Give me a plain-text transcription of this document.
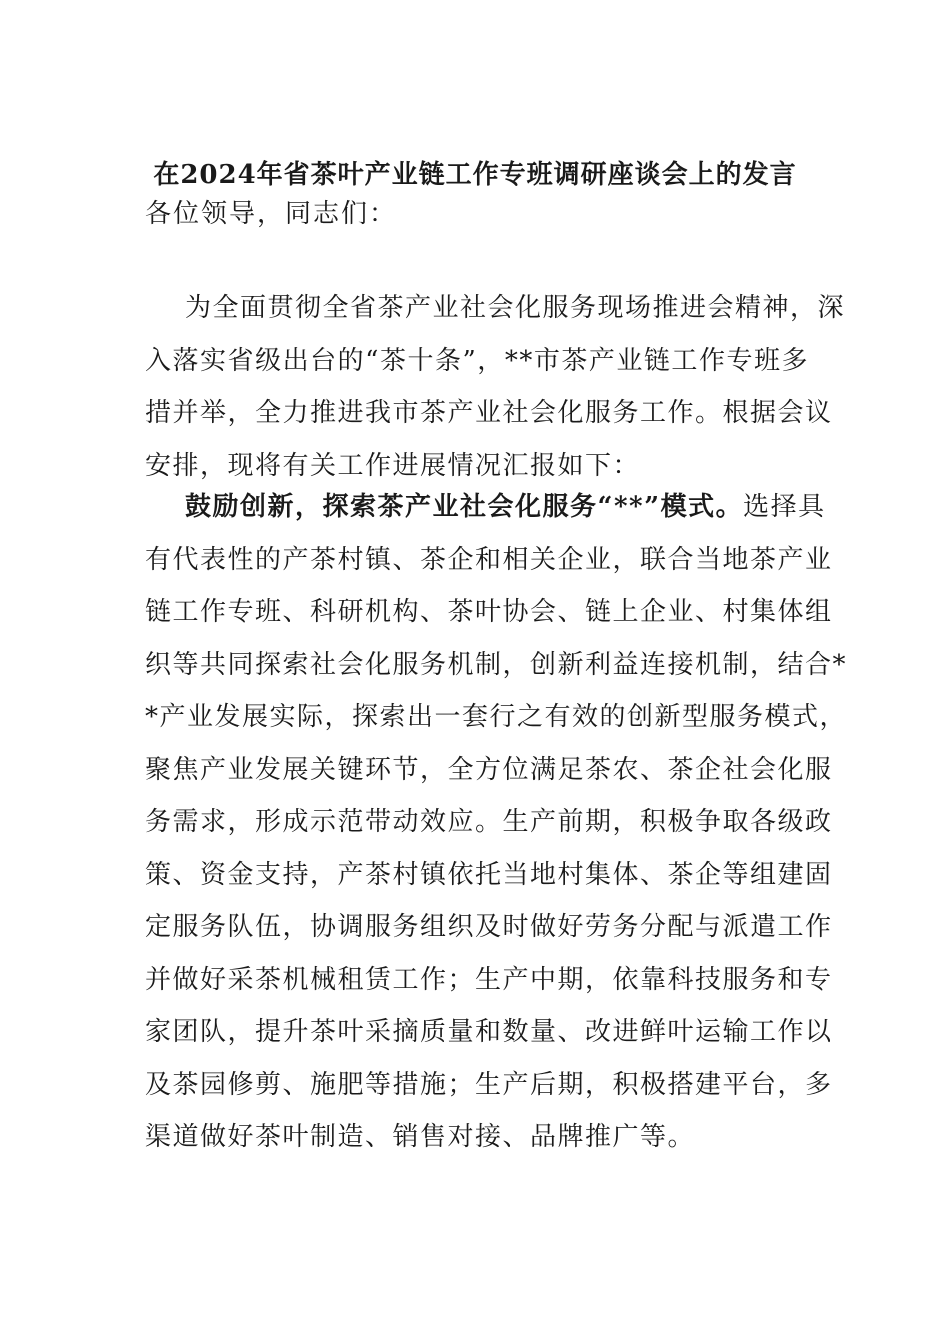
在2024年省茶叶产业链工作专班调研座谈会上的发言
各位领导，同志们：
为全面贯彻全省茶产业社会化服务现场推进会精神，深
入落实省级出台的“茶十条”，**市茶产业链工作专班多
措并举，全力推进我市茶产业社会化服务工作。根据会议
安排，现将有关工作进展情况汇报如下：
鼓励创新，探索茶产业社会化服务“**”模式。选择具
有代表性的产茶村镇、茶企和相关企业，联合当地茶产业
链工作专班、科研机构、茶叶协会、链上企业、村集体组
织等共同探索社会化服务机制，创新利益连接机制，结合*
*产业发展实际，探索出一套行之有效的创新型服务模式，
聚焦产业发展关键环节，全方位满足茶农、茶企社会化服
务需求，形成示范带动效应。生产前期，积极争取各级政
策、资金支持，产茶村镇依托当地村集体、茶企等组建固
定服务队伍，协调服务组织及时做好劳务分配与派遣工作
并做好采茶机械租赁工作；生产中期，依靠科技服务和专
家团队，提升茶叶采摘质量和数量、改进鲜叶运输工作以
及茶园修剪、施肥等措施；生产后期，积极搭建平台，多
渠道做好茶叶制造、销售对接、品牌推广等。
